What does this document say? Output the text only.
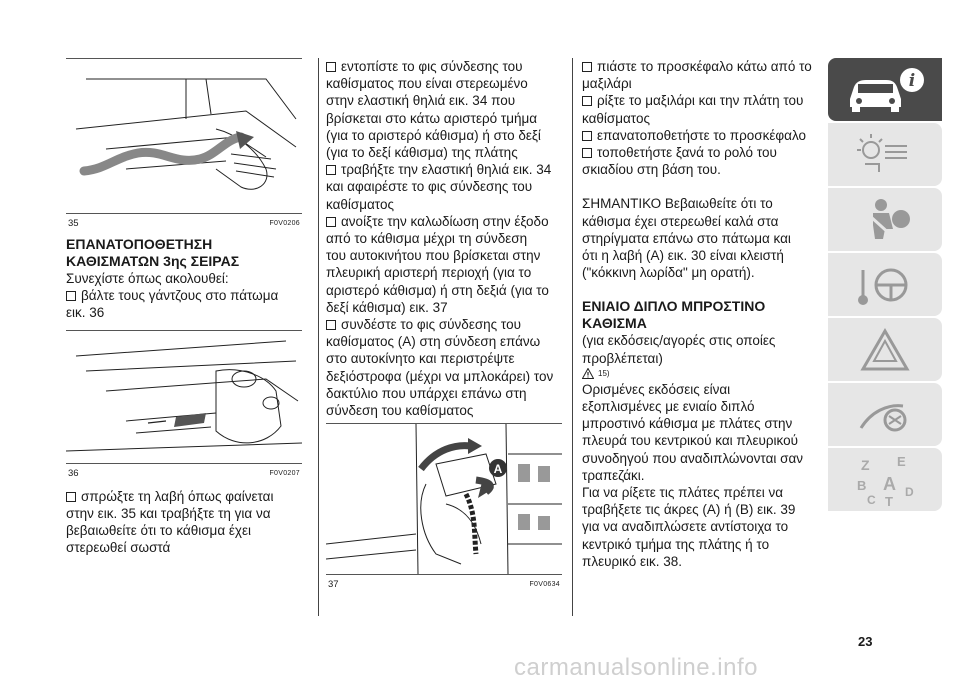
35	F0V0206
ΕΠΑΝΑΤΟΠΟΘΕΤΗΣΗ
ΚΑΘΙΣΜΑΤΩΝ 3ης ΣΕΙΡΑΣ
Συνεχίστε όπως ακολουθεί:
βάλτε τους γάντζους στο πάτωμα
εικ. 36
36	F0V0207
σπρώξτε τη λαβή όπως φαίνεται
στην εικ. 35 και τραβήξτε τη για να
βεβαιωθείτε ότι το κάθισμα έχει
στερεωθεί σωστά
εντοπίστε το φις σύνδεσης του
καθίσματος που είναι στερεωμένο
στην ελαστική θηλιά εικ. 34 που
βρίσκεται στο κάτω αριστερό τμήμα
(για το αριστερό κάθισμα) ή στο δεξί
(για το δεξί κάθισμα) της πλάτης
τραβήξτε την ελαστική θηλιά εικ. 34
και αφαιρέστε το φις σύνδεσης του
καθίσματος
ανοίξτε την καλωδίωση στην έξοδο
από το κάθισμα μέχρι τη σύνδεση
του αυτοκινήτου που βρίσκεται στην
πλευρική αριστερή περιοχή (για το
αριστερό κάθισμα) ή στη δεξιά (για το
δεξί κάθισμα) εικ. 37
συνδέστε το φις σύνδεσης του
καθίσματος (A) στη σύνδεση επάνω
στο αυτοκίνητο και περιστρέψτε
δεξιόστροφα (μέχρι να μπλοκάρει) τον
δακτύλιο που υπάρχει επάνω στη
σύνδεση του καθίσματος
A
37	F0V0634
πιάστε το προσκέφαλο κάτω από το
μαξιλάρι
ρίξτε το μαξιλάρι και την πλάτη του
καθίσματος
επανατοποθετήστε το προσκέφαλο
τοποθετήστε ξανά το ρολό του
σκιαδίου στη βάση του.
ΣΗΜΑΝΤΙΚΟ Βεβαιωθείτε ότι το
κάθισμα έχει στερεωθεί καλά στα
στηρίγματα επάνω στο πάτωμα και
ότι η λαβή (A) εικ. 30 είναι κλειστή
("κόκκινη λωρίδα" μη ορατή).
ΕΝΙΑΙΟ ΔΙΠΛΟ ΜΠΡΟΣΤΙΝΟ
ΚΑΘΙΣΜΑ
(για εκδόσεις/αγορές στις οποίες
προβλέπεται)
15)
Ορισμένες εκδόσεις είναι
εξοπλισμένες με ενιαίο διπλό
μπροστινό κάθισμα με πλάτες στην
πλευρά του κεντρικού και πλευρικού
συνοδηγού που αναδιπλώνονται σαν
τραπεζάκι.
Για να ρίξετε τις πλάτες πρέπει να
τραβήξετε τις άκρες (A) ή (B) εικ. 39
για να αναδιπλώσετε αντίστοιχα το
κεντρικό τμήμα της πλάτης ή το
πλευρικό εικ. 38.
i
Z E
B A
C T
D
23
carmanualsonline.info
